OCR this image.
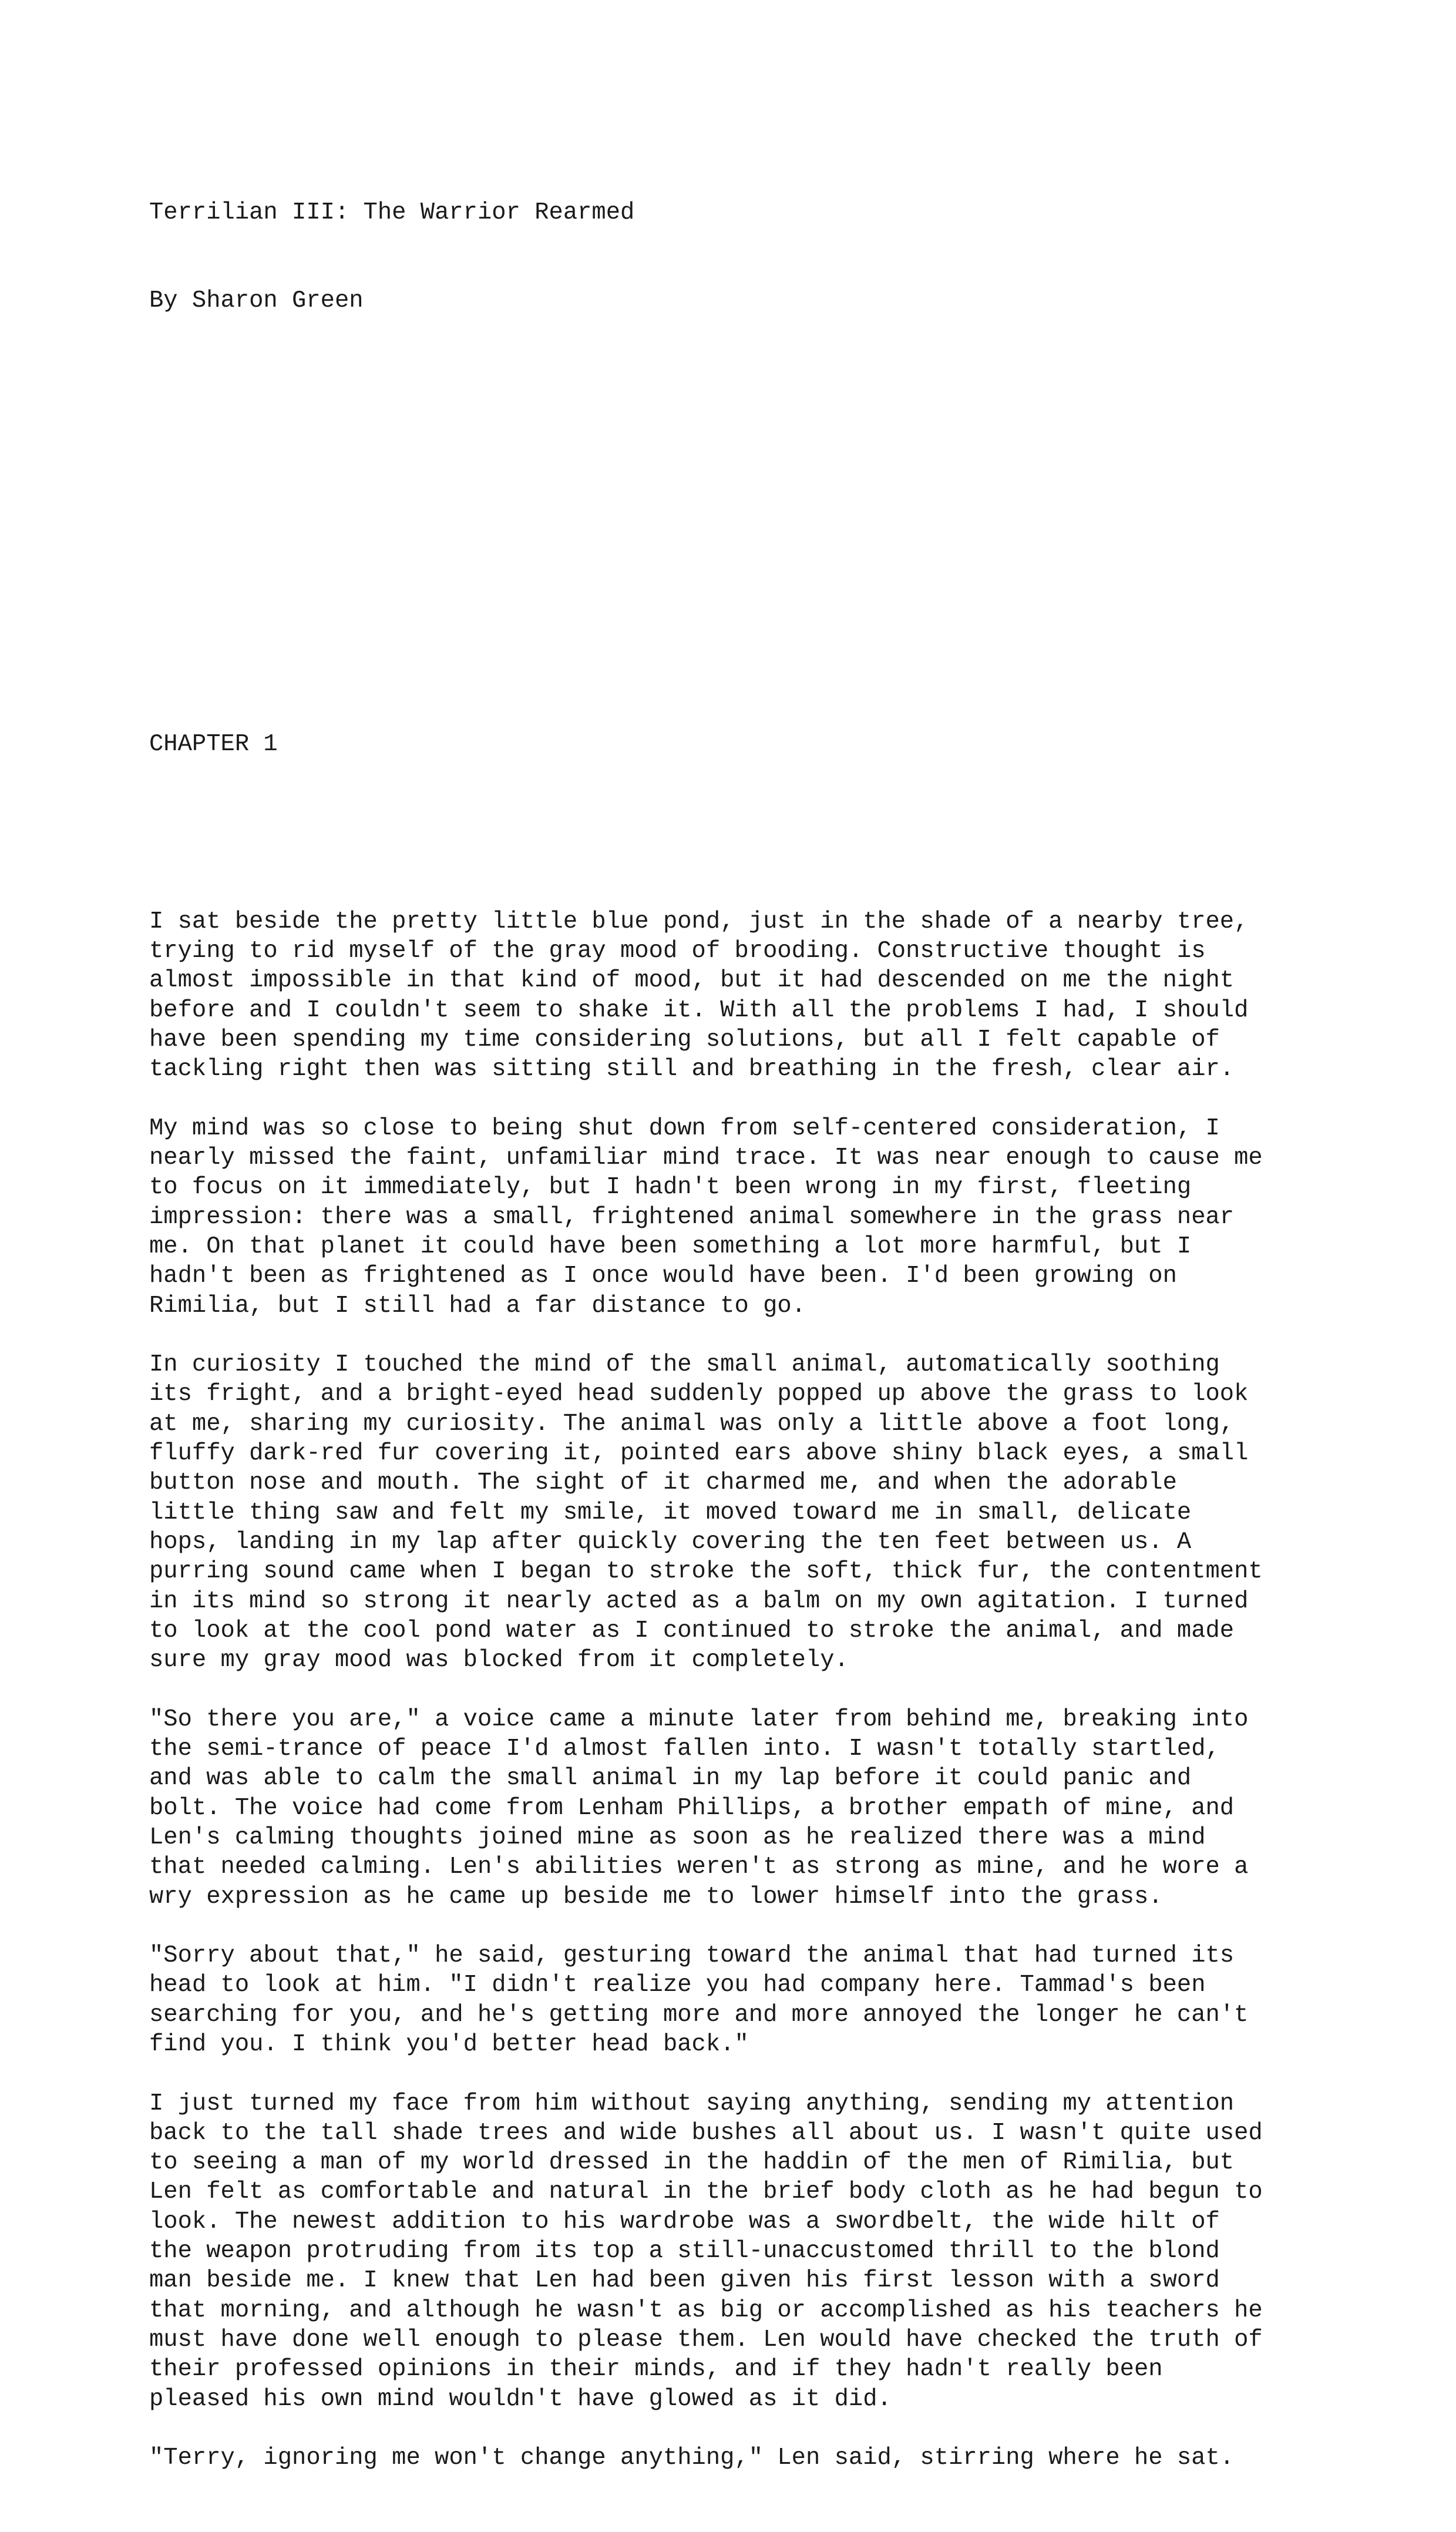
Terrilian III: The Warrior Rearmed

By Sharon Green

CHAPTER 1

I sat beside the pretty little blue pond, just in the shade of a nearby tree,
trying to rid myself of the gray mood of brooding. Constructive thought is
almost impossible in that kind of mood, but it had descended on me the night
before and I couldn't seem to shake it. With all the problems I had, I should
have been spending my time considering solutions, but all I felt capable of
tackling right then was sitting still and breathing in the fresh, clear air.
My mind was so close to being shut down from self-centered consideration, I
nearly missed the faint, unfamiliar mind trace. It was near enough to cause me
to focus on it immediately, but I hadn't been wrong in my first, fleeting
impression: there was a small, frightened animal somewhere in the grass near
me. On that planet it could have been something a lot more harmful, but I
hadn't been as frightened as I once would have been. I'd been growing on
Rimilia, but I still had a far distance to go.
In curiosity I touched the mind of the small animal, automatically soothing
its fright, and a bright-eyed head suddenly popped up above the grass to look
at me, sharing my curiosity. The animal was only a little above a foot long,
fluffy dark-red fur covering it, pointed ears above shiny black eyes, a small
button nose and mouth. The sight of it charmed me, and when the adorable
little thing saw and felt my smile, it moved toward me in small, delicate
hops, landing in my lap after quickly covering the ten feet between us. A
purring sound came when I began to stroke the soft, thick fur, the contentment
in its mind so strong it nearly acted as a balm on my own agitation. I turned
to look at the cool pond water as I continued to stroke the animal, and made
sure my gray mood was blocked from it completely.
"So there you are," a voice came a minute later from behind me, breaking into
the semi-trance of peace I'd almost fallen into. I wasn't totally startled,
and was able to calm the small animal in my lap before it could panic and
bolt. The voice had come from Lenham Phillips, a brother empath of mine, and
Len's calming thoughts joined mine as soon as he realized there was a mind
that needed calming. Len's abilities weren't as strong as mine, and he wore a
wry expression as he came up beside me to lower himself into the grass.
"Sorry about that," he said, gesturing toward the animal that had turned its
head to look at him. "I didn't realize you had company here. Tammad's been
searching for you, and he's getting more and more annoyed the longer he can't
find you. I think you'd better head back."
I just turned my face from him without saying anything, sending my attention
back to the tall shade trees and wide bushes all about us. I wasn't quite used
to seeing a man of my world dressed in the haddin of the men of Rimilia, but
Len felt as comfortable and natural in the brief body cloth as he had begun to
look. The newest addition to his wardrobe was a swordbelt, the wide hilt of
the weapon protruding from its top a still-unaccustomed thrill to the blond
man beside me. I knew that Len had been given his first lesson with a sword
that morning, and although he wasn't as big or accomplished as his teachers he
must have done well enough to please them. Len would have checked the truth of
their professed opinions in their minds, and if they hadn't really been
pleased his own mind wouldn't have glowed as it did.
"Terry, ignoring me won't change anything," Len said, stirring where he sat.
